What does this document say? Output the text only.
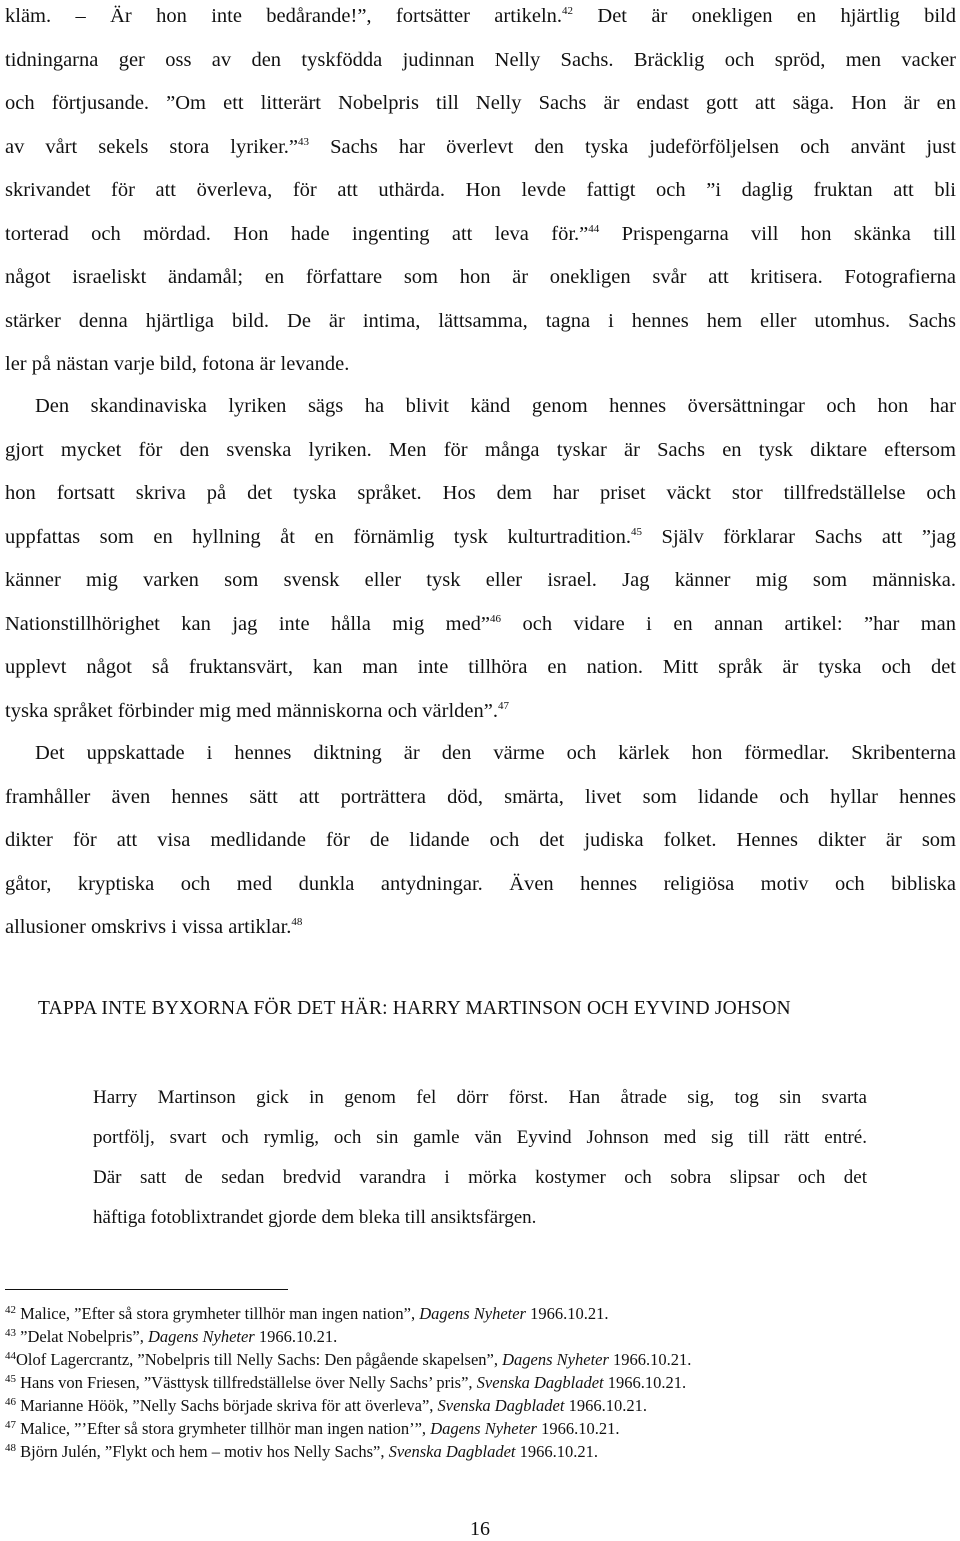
kläm. – Är hon inte bedårande!”, fortsätter artikeln.$^{42}$ Det är onekligen en hjärtlig bild
tidningarna ger oss av den tyskfödda judinnan Nelly Sachs. Bräcklig och spröd, men vacker
och förtjusande. ”Om ett litterärt Nobelpris till Nelly Sachs är endast gott att säga. Hon är en
av vårt sekels stora lyriker.”$^{43}$ Sachs har överlevt den tyska judeförföljelsen och använt just
skrivandet för att överleva, för att uthärda. Hon levde fattigt och ”i daglig fruktan att bli
torterad och mördad. Hon hade ingenting att leva för.”$^{44}$ Prispengarna vill hon skänka till
något israeliskt ändamål; en författare som hon är onekligen svår att kritisera. Fotografierna
stärker denna hjärtliga bild. De är intima, lättsamma, tagna i hennes hem eller utomhus. Sachs
ler på nästan varje bild, fotona är levande.
Den skandinaviska lyriken sägs ha blivit känd genom hennes översättningar och hon har
gjort mycket för den svenska lyriken. Men för många tyskar är Sachs en tysk diktare eftersom
hon fortsatt skriva på det tyska språket. Hos dem har priset väckt stor tillfredställelse och
uppfattas som en hyllning åt en förnämlig tysk kulturtradition.$^{45}$ Själv förklarar Sachs att ”jag
känner mig varken som svensk eller tysk eller israel. Jag känner mig som människa.
Nationstillhörighet kan jag inte hålla mig med”$^{46}$ och vidare i en annan artikel: ”har man
upplevt något så fruktansvärt, kan man inte tillhöra en nation. Mitt språk är tyska och det
tyska språket förbinder mig med människorna och världen”.$^{47}$
Det uppskattade i hennes diktning är den värme och kärlek hon förmedlar. Skribenterna
framhåller även hennes sätt att porträttera död, smärta, livet som lidande och hyllar hennes
dikter för att visa medlidande för de lidande och det judiska folket. Hennes dikter är som
gåtor, kryptiska och med dunkla antydningar. Även hennes religiösa motiv och bibliska
allusioner omskrivs i vissa artiklar.$^{48}$
TAPPA INTE BYXORNA FÖR DET HÄR: HARRY MARTINSON OCH EYVIND JOHSON
Harry Martinson gick in genom fel dörr först. Han åtrade sig, tog sin svarta
portfölj, svart och rymlig, och sin gamle vän Eyvind Johnson med sig till rätt entré.
Där satt de sedan bredvid varandra i mörka kostymer och sobra slipsar och det
häftiga fotoblixtrandet gjorde dem bleka till ansiktsfärgen.

$^{42}$ Malice, ”Efter så stora grymheter tillhör man ingen nation”, Dagens Nyheter 1966.10.21.

$^{43}$ ”Delat Nobelpris”, Dagens Nyheter 1966.10.21.

$^{44}$Olof Lagercrantz, ”Nobelpris till Nelly Sachs: Den pågående skapelsen”, Dagens Nyheter 1966.10.21.

$^{45}$ Hans von Friesen, ”Västtysk tillfredställelse över Nelly Sachs’ pris”, Svenska Dagbladet 1966.10.21.

$^{46}$ Marianne Höök, ”Nelly Sachs började skriva för att överleva”, Svenska Dagbladet 1966.10.21.

$^{47}$ Malice, ”’Efter så stora grymheter tillhör man ingen nation’”, Dagens Nyheter 1966.10.21.

$^{48}$ Björn Julén, ”Flykt och hem – motiv hos Nelly Sachs”, Svenska Dagbladet 1966.10.21.

16
